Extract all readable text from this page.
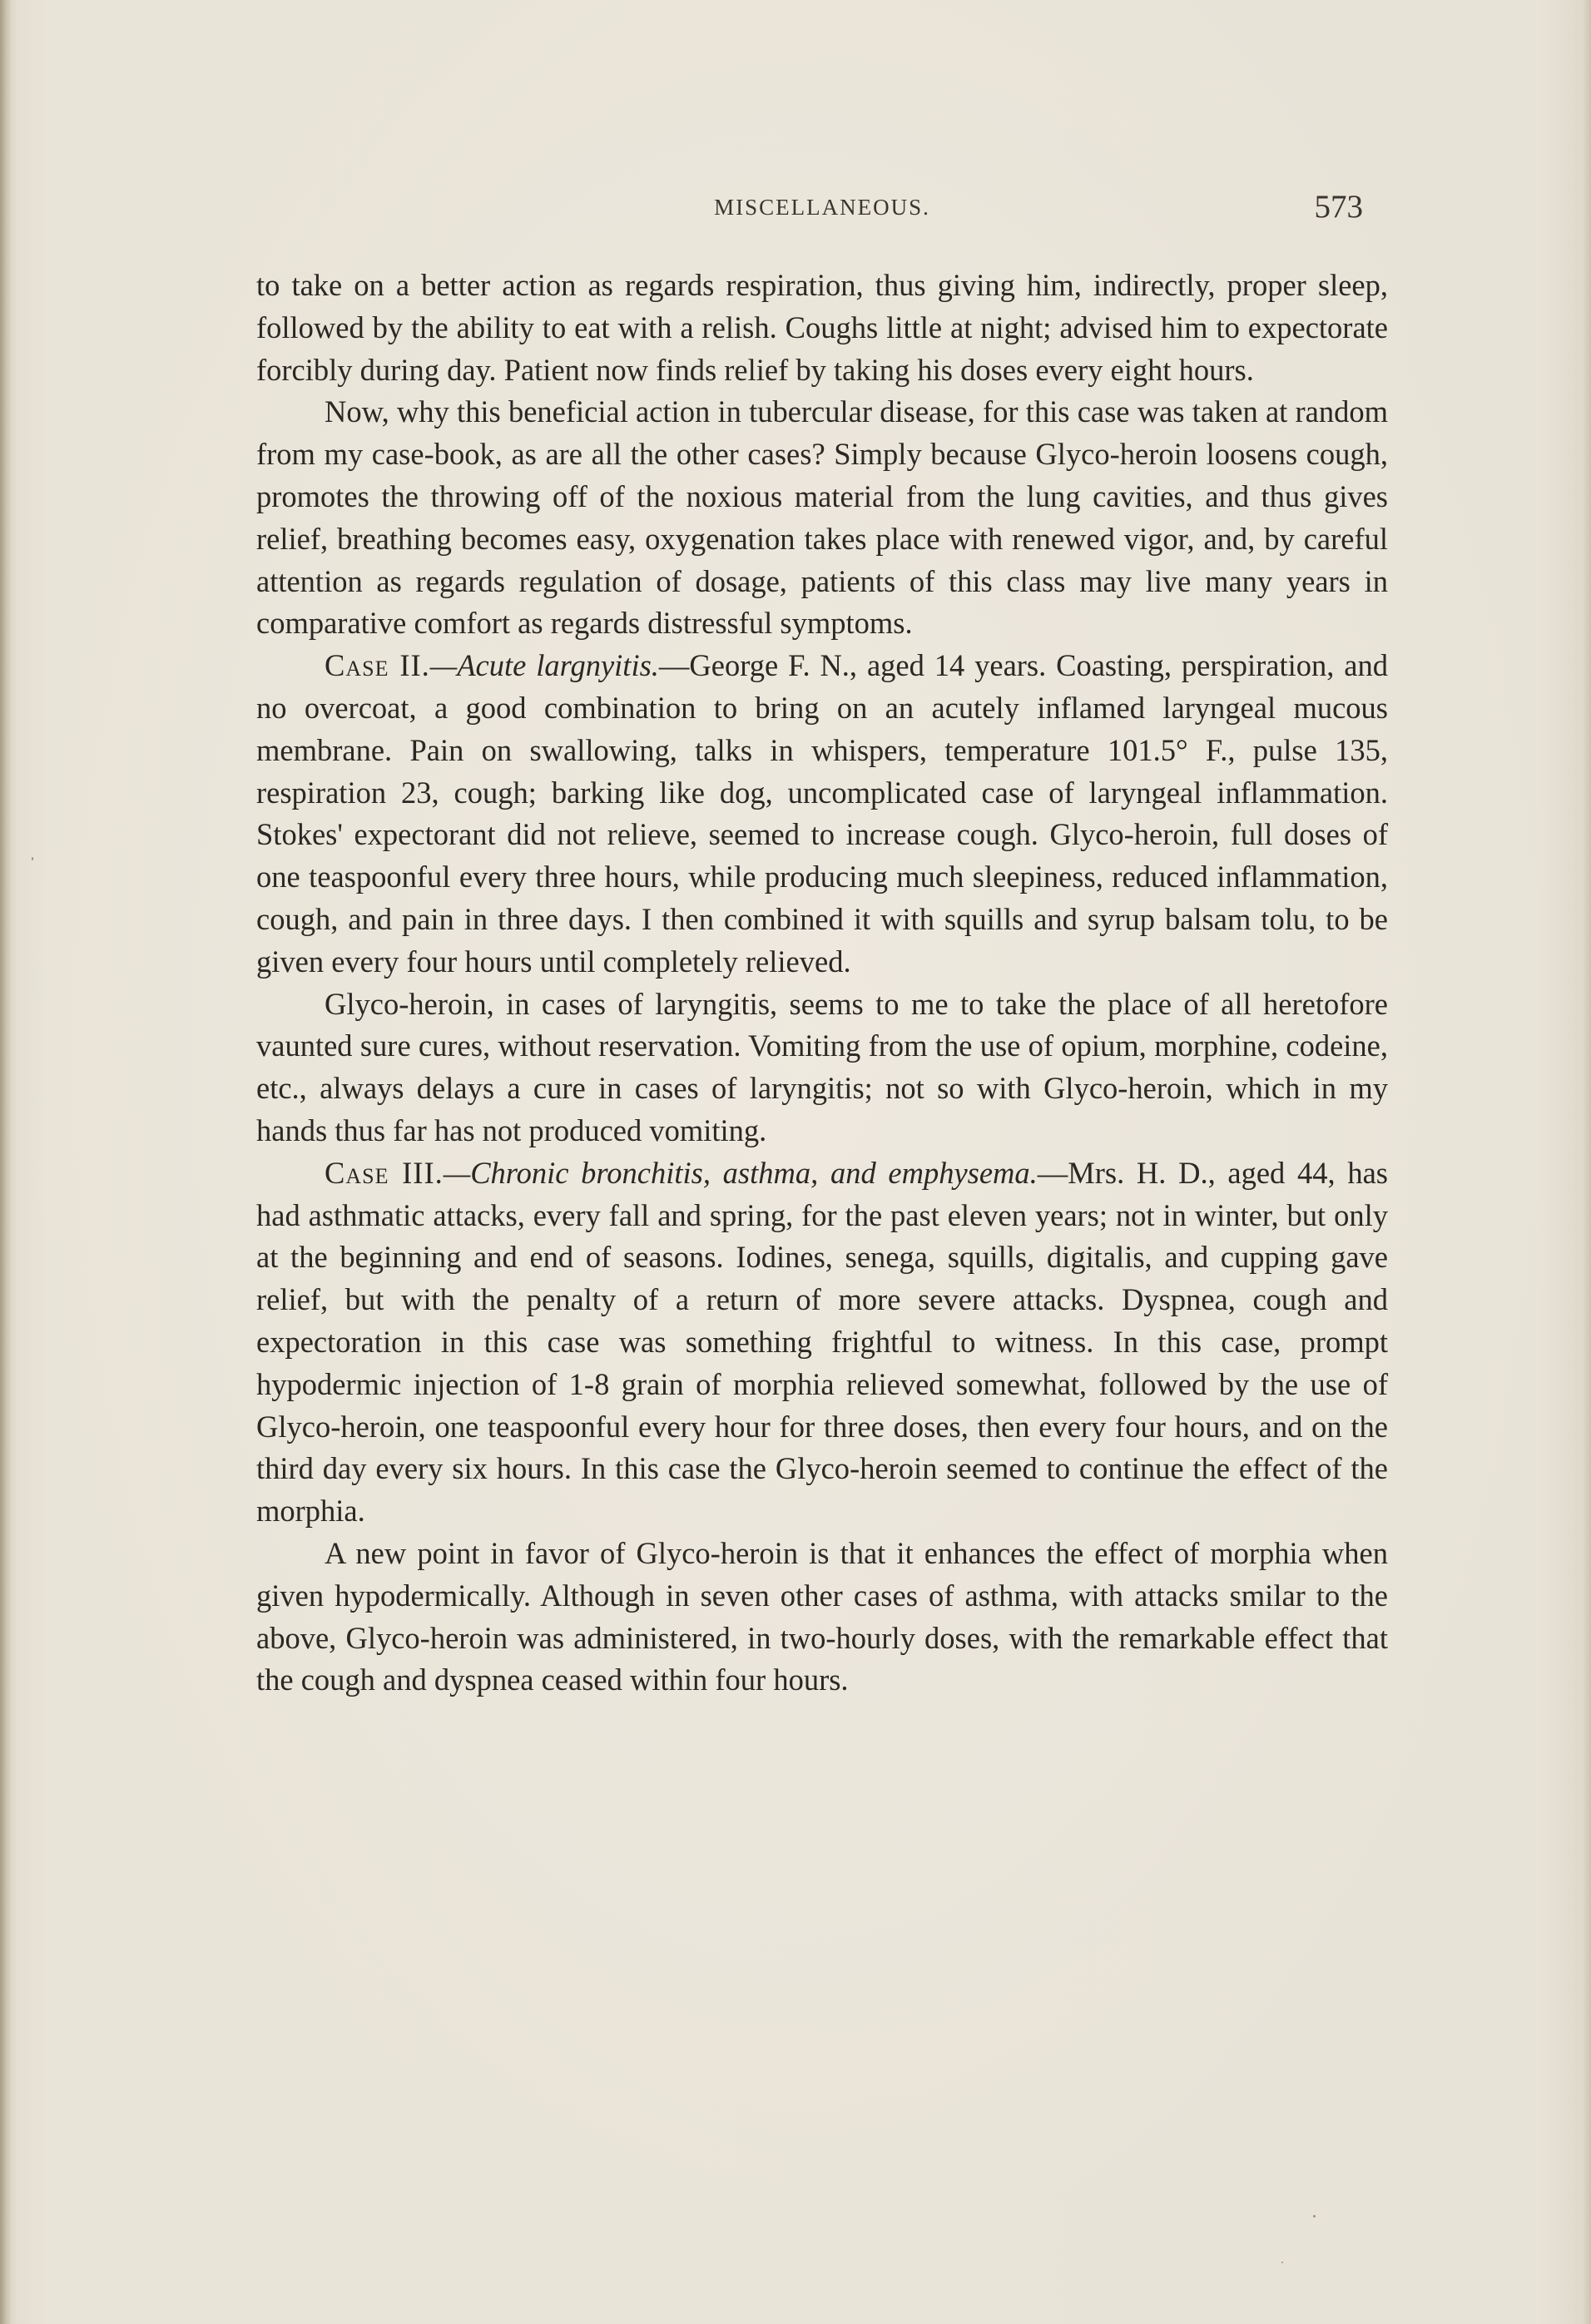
MISCELLANEOUS.	573

to take on a better action as regards respiration, thus giving him, indirectly, proper sleep, followed by the ability to eat with a relish. Coughs little at night; advised him to expectorate forcibly during day. Patient now finds relief by taking his doses every eight hours.

Now, why this beneficial action in tubercular disease, for this case was taken at random from my case-book, as are all the other cases? Simply because Glyco-heroin loosens cough, promotes the throwing off of the noxious material from the lung cavities, and thus gives relief, breathing becomes easy, oxygenation takes place with renewed vigor, and, by careful attention as regards regulation of dosage, patients of this class may live many years in comparative comfort as regards distressful symptoms.

Case II.—Acute largnyitis.—George F. N., aged 14 years. Coasting, perspiration, and no overcoat, a good combination to bring on an acutely inflamed laryngeal mucous membrane. Pain on swallowing, talks in whispers, temperature 101.5° F., pulse 135, respiration 23, cough; barking like dog, uncomplicated case of laryngeal inflammation. Stokes' expectorant did not relieve, seemed to increase cough. Glyco-heroin, full doses of one teaspoonful every three hours, while producing much sleepiness, reduced inflammation, cough, and pain in three days. I then combined it with squills and syrup balsam tolu, to be given every four hours until completely relieved.

Glyco-heroin, in cases of laryngitis, seems to me to take the place of all heretofore vaunted sure cures, without reservation. Vomiting from the use of opium, morphine, codeine, etc., always delays a cure in cases of laryngitis; not so with Glyco-heroin, which in my hands thus far has not produced vomiting.

Case III.—Chronic bronchitis, asthma, and emphysema.—Mrs. H. D., aged 44, has had asthmatic attacks, every fall and spring, for the past eleven years; not in winter, but only at the beginning and end of seasons. Iodines, senega, squills, digitalis, and cupping gave relief, but with the penalty of a return of more severe attacks. Dyspnea, cough and expectoration in this case was something frightful to witness. In this case, prompt hypodermic injection of 1-8 grain of morphia relieved somewhat, followed by the use of Glyco-heroin, one teaspoonful every hour for three doses, then every four hours, and on the third day every six hours. In this case the Glyco-heroin seemed to continue the effect of the morphia.

A new point in favor of Glyco-heroin is that it enhances the effect of morphia when given hypodermically. Although in seven other cases of asthma, with attacks smilar to the above, Glyco-heroin was administered, in two-hourly doses, with the remarkable effect that the cough and dyspnea ceased within four hours.
